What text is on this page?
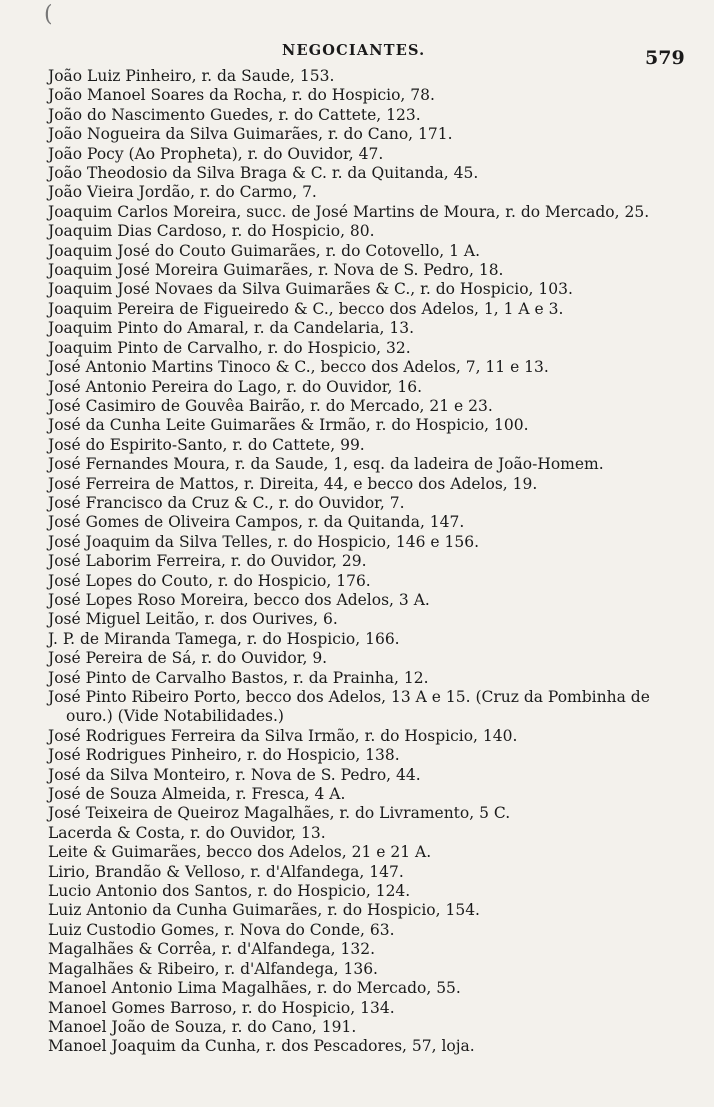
(
NEGOCIANTES.	579
João Luiz Pinheiro, r. da Saude, 153.
João Manoel Soares da Rocha, r. do Hospicio, 78.
João do Nascimento Guedes, r. do Cattete, 123.
João Nogueira da Silva Guimarães, r. do Cano, 171.
João Pocy (Ao Propheta), r. do Ouvidor, 47.
João Theodosio da Silva Braga & C. r. da Quitanda, 45.
João Vieira Jordão, r. do Carmo, 7.
Joaquim Carlos Moreira, succ. de José Martins de Moura, r. do Mercado, 25.
Joaquim Dias Cardoso, r. do Hospicio, 80.
Joaquim José do Couto Guimarães, r. do Cotovello, 1 A.
Joaquim José Moreira Guimarães, r. Nova de S. Pedro, 18.
Joaquim José Novaes da Silva Guimarães & C., r. do Hospicio, 103.
Joaquim Pereira de Figueiredo & C., becco dos Adelos, 1, 1 A e 3.
Joaquim Pinto do Amaral, r. da Candelaria, 13.
Joaquim Pinto de Carvalho, r. do Hospicio, 32.
José Antonio Martins Tinoco & C., becco dos Adelos, 7, 11 e 13.
José Antonio Pereira do Lago, r. do Ouvidor, 16.
José Casimiro de Gouvêa Bairão, r. do Mercado, 21 e 23.
José da Cunha Leite Guimarães & Irmão, r. do Hospicio, 100.
José do Espirito-Santo, r. do Cattete, 99.
José Fernandes Moura, r. da Saude, 1, esq. da ladeira de João-Homem.
José Ferreira de Mattos, r. Direita, 44, e becco dos Adelos, 19.
José Francisco da Cruz & C., r. do Ouvidor, 7.
José Gomes de Oliveira Campos, r. da Quitanda, 147.
José Joaquim da Silva Telles, r. do Hospicio, 146 e 156.
José Laborim Ferreira, r. do Ouvidor, 29.
José Lopes do Couto, r. do Hospicio, 176.
José Lopes Roso Moreira, becco dos Adelos, 3 A.
José Miguel Leitão, r. dos Ourives, 6.
J. P. de Miranda Tamega, r. do Hospicio, 166.
José Pereira de Sá, r. do Ouvidor, 9.
José Pinto de Carvalho Bastos, r. da Prainha, 12.
José Pinto Ribeiro Porto, becco dos Adelos, 13 A e 15. (Cruz da Pombinha de ouro.) (Vide Notabilidades.)
José Rodrigues Ferreira da Silva Irmão, r. do Hospicio, 140.
José Rodrigues Pinheiro, r. do Hospicio, 138.
José da Silva Monteiro, r. Nova de S. Pedro, 44.
José de Souza Almeida, r. Fresca, 4 A.
José Teixeira de Queiroz Magalhães, r. do Livramento, 5 C.
Lacerda & Costa, r. do Ouvidor, 13.
Leite & Guimarães, becco dos Adelos, 21 e 21 A.
Lirio, Brandão & Velloso, r. d'Alfandega, 147.
Lucio Antonio dos Santos, r. do Hospicio, 124.
Luiz Antonio da Cunha Guimarães, r. do Hospicio, 154.
Luiz Custodio Gomes, r. Nova do Conde, 63.
Magalhães & Corrêa, r. d'Alfandega, 132.
Magalhães & Ribeiro, r. d'Alfandega, 136.
Manoel Antonio Lima Magalhães, r. do Mercado, 55.
Manoel Gomes Barroso, r. do Hospicio, 134.
Manoel João de Souza, r. do Cano, 191.
Manoel Joaquim da Cunha, r. dos Pescadores, 57, loja.
